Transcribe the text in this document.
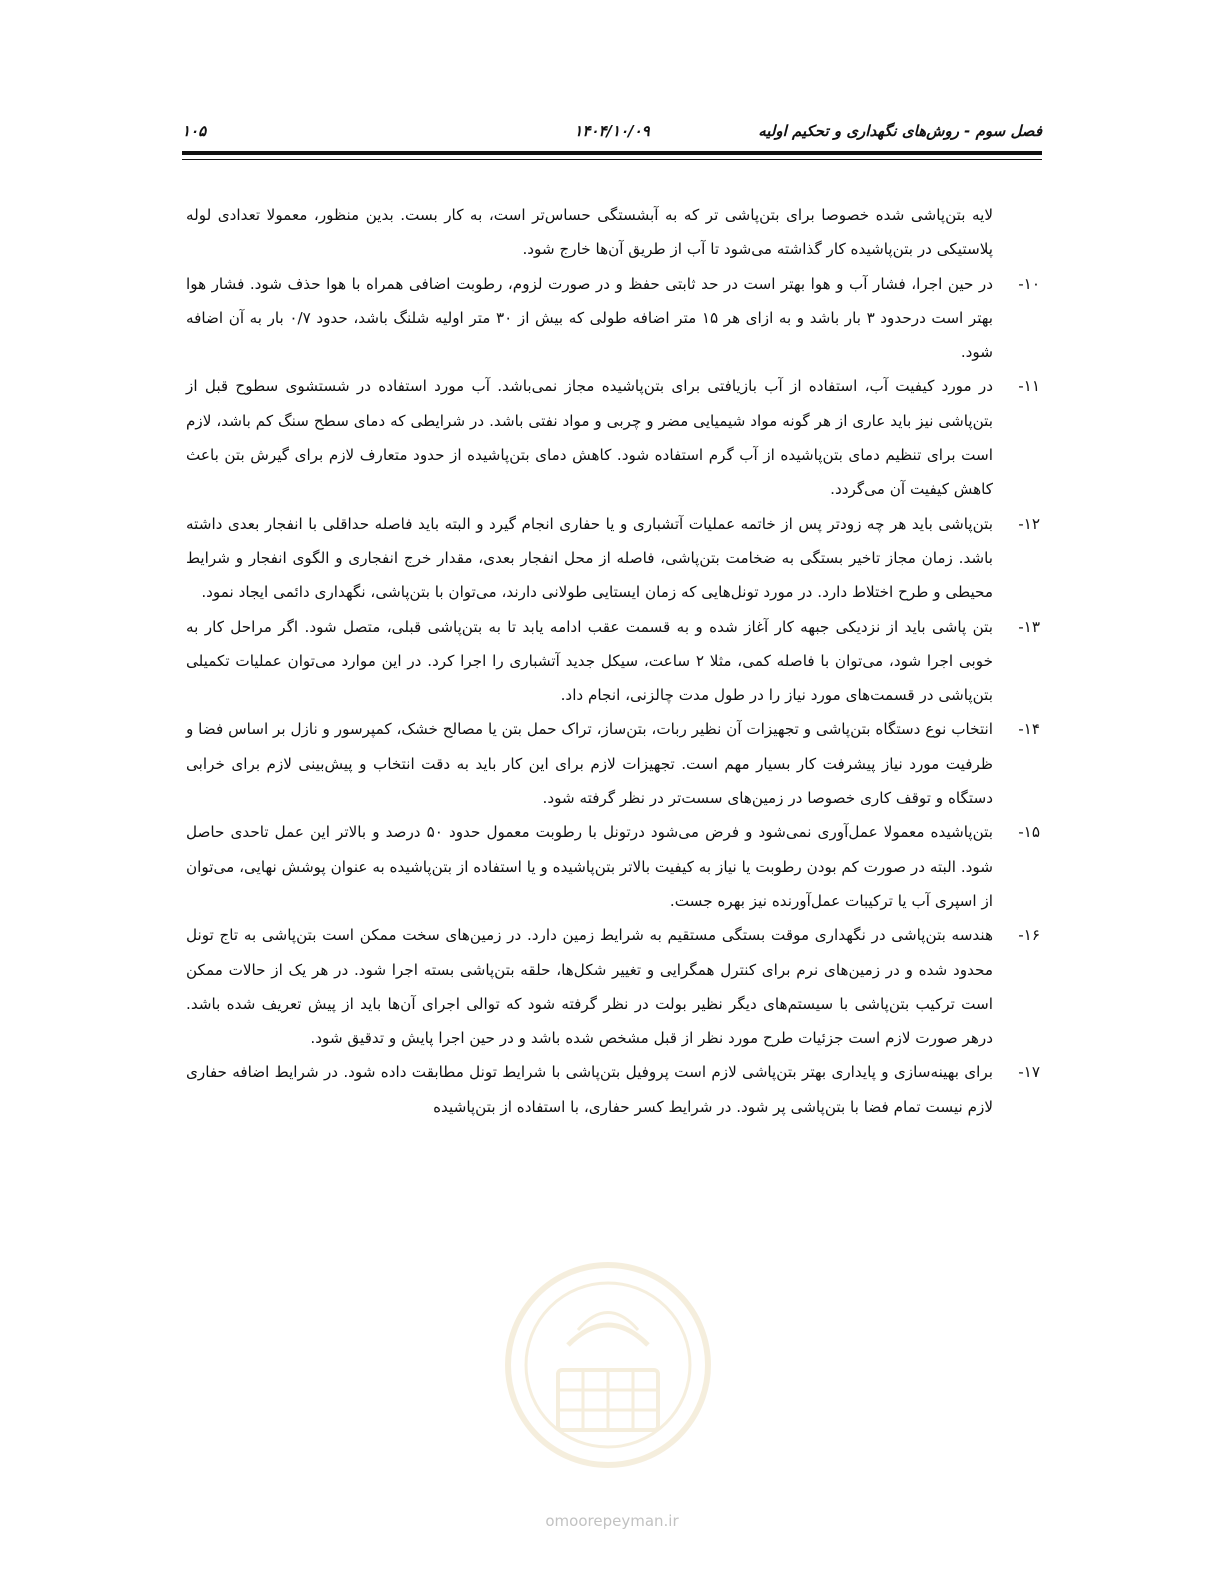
فصل سوم - روش‌های نگهداری و تحکیم اولیه
۱۴۰۴/۱۰/۰۹
۱۰۵

لایه بتن‌پاشی شده خصوصا برای بتن‌پاشی تر که به آبشستگی حساس‌تر است، به کار بست. بدین منظور، معمولا تعدادی لوله پلاستیکی در بتن‌پاشیده کار گذاشته می‌شود تا آب از طریق آن‌ها خارج شود.

۱۰-
در حین اجرا، فشار آب و هوا بهتر است در حد ثابتی حفظ و در صورت لزوم، رطوبت اضافی همراه با هوا حذف شود. فشار هوا بهتر است درحدود ۳ بار باشد و به ازای هر ۱۵ متر اضافه طولی که بیش از ۳۰ متر اولیه شلنگ باشد، حدود ۰/۷ بار به آن اضافه شود.
۱۱-
در مورد کیفیت آب، استفاده از آب بازیافتی برای بتن‌پاشیده مجاز نمی‌باشد. آب مورد استفاده در شستشوی سطوح قبل از بتن‌پاشی نیز باید عاری از هر گونه مواد شیمیایی مضر و چربی و مواد نفتی باشد. در شرایطی که دمای سطح سنگ کم باشد، لازم است برای تنظیم دمای بتن‌پاشیده از آب گرم استفاده شود. کاهش دمای بتن‌پاشیده از حدود متعارف لازم برای گیرش بتن باعث کاهش کیفیت آن می‌گردد.
۱۲-
بتن‌پاشی باید هر چه زودتر پس از خاتمه عملیات آتشباری و یا حفاری انجام گیرد و البته باید فاصله حداقلی با انفجار بعدی داشته باشد. زمان مجاز تاخیر بستگی به ضخامت بتن‌پاشی، فاصله از محل انفجار بعدی، مقدار خرج انفجاری و الگوی انفجار و شرایط محیطی و طرح اختلاط دارد. در مورد تونل‌هایی که زمان ایستایی طولانی دارند، می‌توان با بتن‌پاشی، نگهداری دائمی ایجاد نمود.
۱۳-
بتن پاشی باید از نزدیکی جبهه کار آغاز شده و به قسمت عقب ادامه یابد تا به بتن‌پاشی قبلی، متصل شود. اگر مراحل کار به خوبی اجرا شود، می‌توان با فاصله کمی، مثلا ۲ ساعت، سیکل جدید آتشباری را اجرا کرد. در این موارد می‌توان عملیات تکمیلی بتن‌پاشی در قسمت‌های مورد نیاز را در طول مدت چالزنی، انجام داد.
۱۴-
انتخاب نوع دستگاه بتن‌پاشی و تجهیزات آن نظیر ربات، بتن‌ساز، تراک حمل بتن یا مصالح خشک، کمپرسور و نازل بر اساس فضا و ظرفیت مورد نیاز پیشرفت کار بسیار مهم است. تجهیزات لازم برای این کار باید به دقت انتخاب و پیش‌بینی لازم برای خرابی دستگاه و توقف کاری خصوصا در زمین‌های سست‌تر در نظر گرفته شود.
۱۵-
بتن‌پاشیده معمولا عمل‌آوری نمی‌شود و فرض می‌شود درتونل با رطوبت معمول حدود ۵۰ درصد و بالاتر این عمل تاحدی حاصل شود. البته در صورت کم بودن رطوبت یا نیاز به کیفیت بالاتر بتن‌پاشیده و یا استفاده از بتن‌پاشیده به عنوان پوشش نهایی، می‌توان از اسپری آب یا ترکیبات عمل‌آورنده نیز بهره جست.
۱۶-
هندسه بتن‌پاشی در نگهداری موقت بستگی مستقیم به شرایط زمین دارد. در زمین‌های سخت ممکن است بتن‌پاشی به تاج تونل محدود شده و در زمین‌های نرم برای کنترل همگرایی و تغییر شکل‌ها، حلقه بتن‌پاشی بسته اجرا شود. در هر یک از حالات ممکن است ترکیب بتن‌پاشی با سیستم‌های دیگر نظیر بولت در نظر گرفته شود که توالی اجرای آن‌ها باید از پیش تعریف شده باشد. درهر صورت لازم است جزئیات طرح مورد نظر از قبل مشخص شده باشد و در حین اجرا پایش و تدقیق شود.
۱۷-
برای بهینه‌سازی و پایداری بهتر بتن‌پاشی لازم است پروفیل بتن‌پاشی با شرایط تونل مطابقت داده شود. در شرایط اضافه حفاری لازم نیست تمام فضا با بتن‌پاشی پر شود. در شرایط کسر حفاری، با استفاده از بتن‌پاشیده
omoorepeyman.ir
